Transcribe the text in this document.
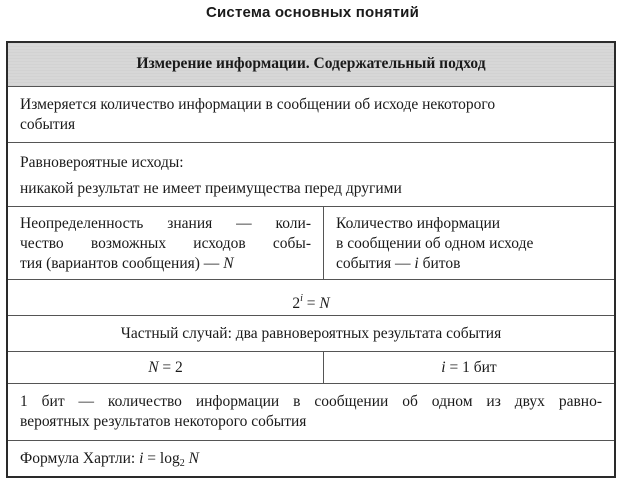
Система основных понятий
Измерение информации. Содержательный подход
Измеряется количество информации в сообщении об исходе некоторого
события
Равновероятные исходы:
никакой результат не имеет преимущества перед другими
Неопределенность знания — коли-
чество возможных исходов собы-
тия (вариантов сообщения) — N
Количество информации
в сообщении об одном исходе
события — i битов
$2^i = N$
Частный случай: два равновероятных результата события
N = 2	i = 1 бит
1 бит — количество информации в сообщении об одном из двух равно-
вероятных результатов некоторого события
Формула Хартли: $i = \log_2 N$
